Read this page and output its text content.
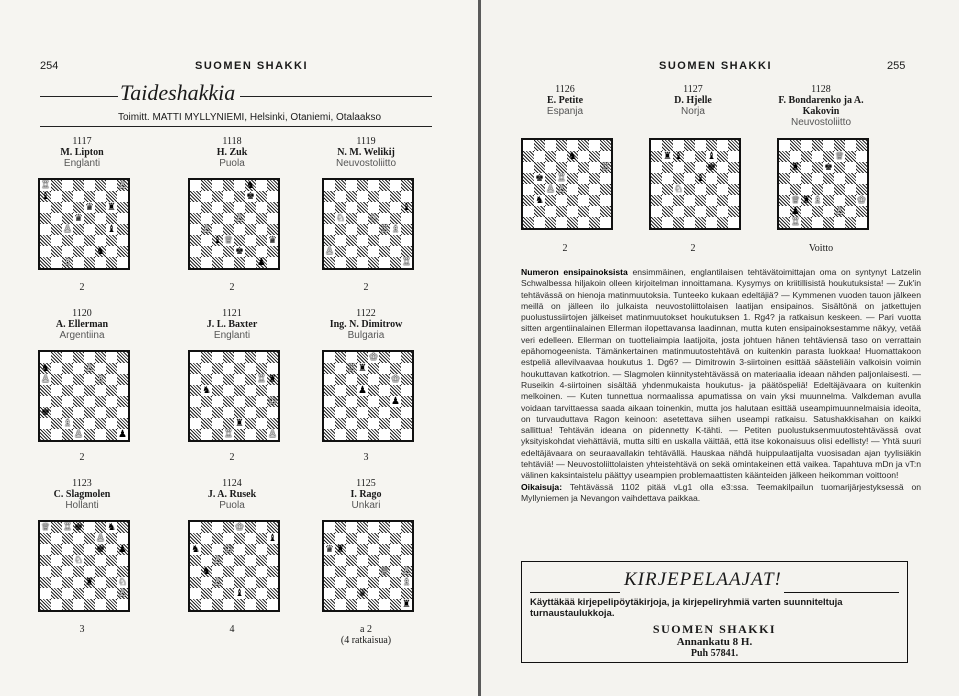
254	SUOMEN SHAKKI
Taideshakkia
Toimitt. MATTI MYLLYNIEMI, Helsinki, Otaniemi, Otalaakso
1117
M. Lipton
Englanti
♝
♛ ♜
♙
♗
♛
♞
♙
♝
♖
2
1118
H. Zuk
Puola
♛
♞
♟
♕
♝
♙
♚
♙
♚
2
1119
N. M. Welikij
Neuvostoliitto
♙
♖
♖
♝
♘ ♘
♗
2
1120
A. Ellerman
Argentiina
♗
♚
♙
♙
♞
♗
♟
♙
2
1121
J. L. Baxter
Englanti
♖
♞
♜
♔
♙
♖ ♜
2
1122
Ing. N. Dimitrow
Bulgaria
♔
♖
♟
♜
♟
♔
3
1123
C. Slagmolen
Hollanti
♞
♚
♖
♘
♚ ♟
♕
♙
♙
♘
♜
3
1124
J. A. Rusek
Puola
♝
♝
♙
♔
♔
♞
♞
♙
4
1125
I. Rago
Unkari
♛
♕
♜
♜
♛
♗
♙
a 2
(4 ratkaisua)
SUOMEN SHAKKI	255
1126
E. Petite
Espanja
♚
♙
♙
♞
♖
♞
♖
2
1127
D. Hjelle
Norja
♘
♝
♜
♚
♝ ♝
2
1128
F. Bondarenko ja A. Kakovin
Neuvostoliitto
♗
♕
♟
♖
♜
♕ ♜	♔
♚
♙
Voitto

Numeron ensipainoksista ensimmäinen, englantilaisen tehtävätoimittajan oma on syntynyt Latzelin Schwalbessa hiljakoin olleen kirjoitelman innoittamana. Kysymys on kriitillisistä houkutuksista! — Zuk'in tehtävässä on hienoja matinmuutoksia. Tunteeko kukaan edeltäjiä? — Kymmenen vuoden tauon jälkeen meillä on jälleen ilo julkaista neuvostoliittolaisen laatijan ensipainos. Sisältönä on jatkettujen puolustussiirtojen jälkeiset matinmuutokset houkutuksen 1. Rg4? ja ratkaisun keskeen. — Pari vuotta sitten argentiinalainen Ellerman ilopettavansa laadinnan, mutta kuten ensipainoksestamme näkyy, vetää veri edelleen. Ellerman on tuotteliaimpia laatijoita, josta johtuen hänen tehtäviensä taso on verrattain epähomogeenista. Tämänkertainen matinmuutostehtävä on kuitenkin parasta luokkaa! Huomattakoon estpeliä allevilvaavaa houkutus 1. Dg6? — Dimitrowin 3-siirtoinen esittää säästeliäin valkoisin voimin houkuttavan katkotrion. — Slagmolen kiinnitystehtävässä on materiaalia ideaan nähden paljonlaisesti. — Ruseikin 4-siirtoinen sisältää yhdenmukaista houkutus- ja päätöspeliä! Edeltäjävaara on kuitenkin melkoinen. — Kuten tunnettua normaalissa apumatissa on vain yksi muunnelma. Valkdeman avulla voidaan tarvittaessa saada aikaan toinenkin, mutta jos halutaan esittää useampimuunnelmaisia ideoita, on turvauduttava Ragon keinoon: asetettava siihen useampi ratkaisu. Satushakkisahan on kaikki sallittua! Tehtävän ideana on pidennetty K-tähti. — Petiten puolustuksenmuutostehtävässä ovat yksityiskohdat viehättäviä, mutta silti en uskalla väittää, että itse kokonaisuus olisi edellisty! — Yhtä suuri edeltäjävaara on seuraavallakin tehtävällä. Hauskaa nähdä huippulaatijalta vuosisadan ajan tyylisiäkin tehtäviä! — Neuvostoliittolaisten yhteistehtävä on sekä omintakeinen että vaikea. Tapahtuva mDn ja vT:n välinen kaksintaistelu päättyy useampien problemaattisten käänteiden jälkeen heikomman voittoon!

Oikaisuja: Tehtävässä 1102 pitää vLg1 olla e3:ssa. Teemakilpailun tuomarijärjestyksessä on Myllyniemen ja Nevangon vaihdettava paikkaa.

KIRJEPELAAJAT!
Käyttäkää kirjepelipöytäkirjoja, ja kirjepeliryhmiä varten suunniteltuja turnaustaulukkoja.
SUOMEN SHAKKI
Annankatu 8 H.
Puh 57841.
